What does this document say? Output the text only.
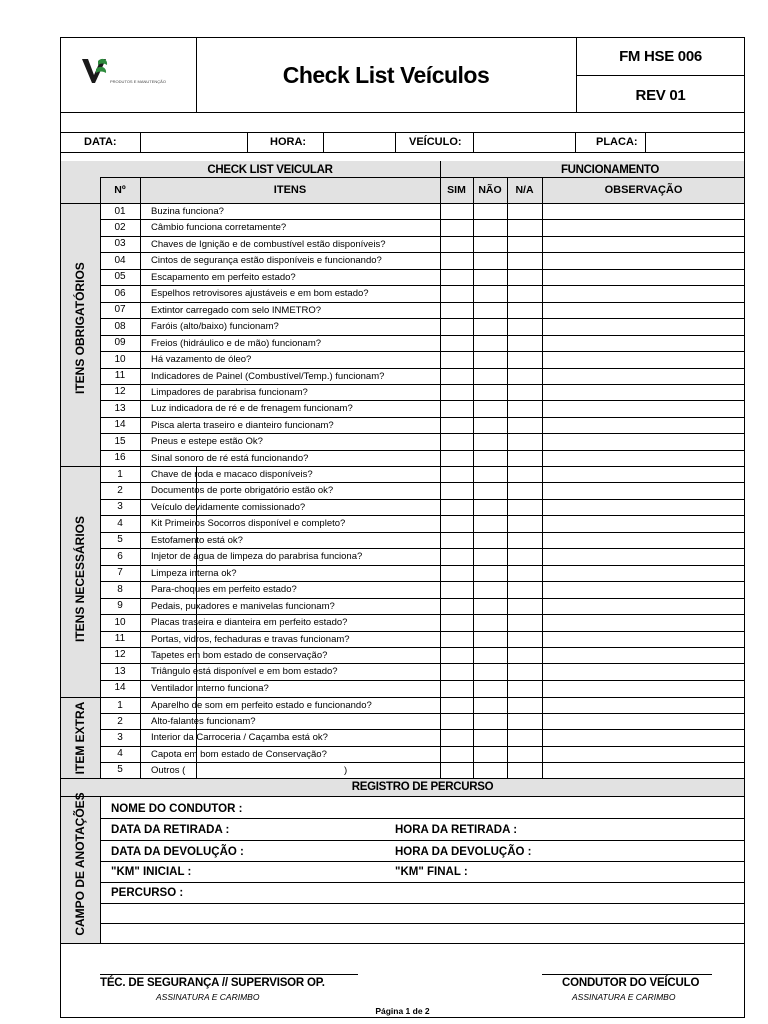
PRODUTOS E MANUTENÇÃO	Check List Veículos
FM HSE 006
REV 01
DATA:	HORA:	VEÍCULO:	PLACA:
CHECK LIST VEICULAR	FUNCIONAMENTO
Nº	ITENS	SIM	NÃO	N/A	OBSERVAÇÃO
01	Buzina funciona?
02	Câmbio funciona corretamente?
03	Chaves de Ignição e de combustível estão disponíveis?
04	Cintos de segurança estão disponíveis e funcionando?
05	Escapamento em perfeito estado?
06	Espelhos retrovisores ajustáveis e em bom estado?
07	Extintor carregado com selo INMETRO?
08	Faróis (alto/baixo) funcionam?
09	Freios (hidráulico e de mão) funcionam?
10	Há vazamento de óleo?
11	Indicadores de Painel (Combustível/Temp.) funcionam?
12	Limpadores de parabrisa funcionam?
13	Luz indicadora de ré e de frenagem funcionam?
14	Pisca alerta traseiro e dianteiro funcionam?
15	Pneus e estepe estão Ok?
16	Sinal sonoro de ré está funcionando?
1	Chave de roda e macaco disponíveis?
2	Documentos de porte obrigatório estão ok?
3	Veículo devidamente comissionado?
4	Kit Primeiros Socorros disponível e completo?
5	Estofamento está ok?
6	Injetor de água de limpeza do parabrisa funciona?
7	Limpeza interna ok?
8	Para-choques em perfeito estado?
9	Pedais, puxadores e manivelas funcionam?
10	Placas traseira e dianteira em perfeito estado?
11	Portas, vidros, fechaduras e travas funcionam?
12	Tapetes em bom estado de conservação?
13	Triângulo está disponível e em bom estado?
14	Ventilador interno funciona?
1	Aparelho de som em perfeito estado e funcionando?
2	Alto-falantes funcionam?
3	Interior da Carroceria / Caçamba está ok?
4	Capota em bom estado de Conservação?
5	Outros (	)
ITENS OBRIGATÓRIOS
ITENS NECESSÁRIOS
ITEM EXTRA
CAMPO DE ANOTAÇÕES
REGISTRO DE PERCURSO
NOME DO CONDUTOR :
DATA DA RETIRADA :	HORA DA RETIRADA :
DATA DA DEVOLUÇÃO :	HORA DA DEVOLUÇÃO :
"KM" INICIAL :	"KM" FINAL :
PERCURSO :
TÉC. DE SEGURANÇA // SUPERVISOR OP.
ASSINATURA E CARIMBO
CONDUTOR DO VEÍCULO
ASSINATURA E CARIMBO
Página 1 de 2
